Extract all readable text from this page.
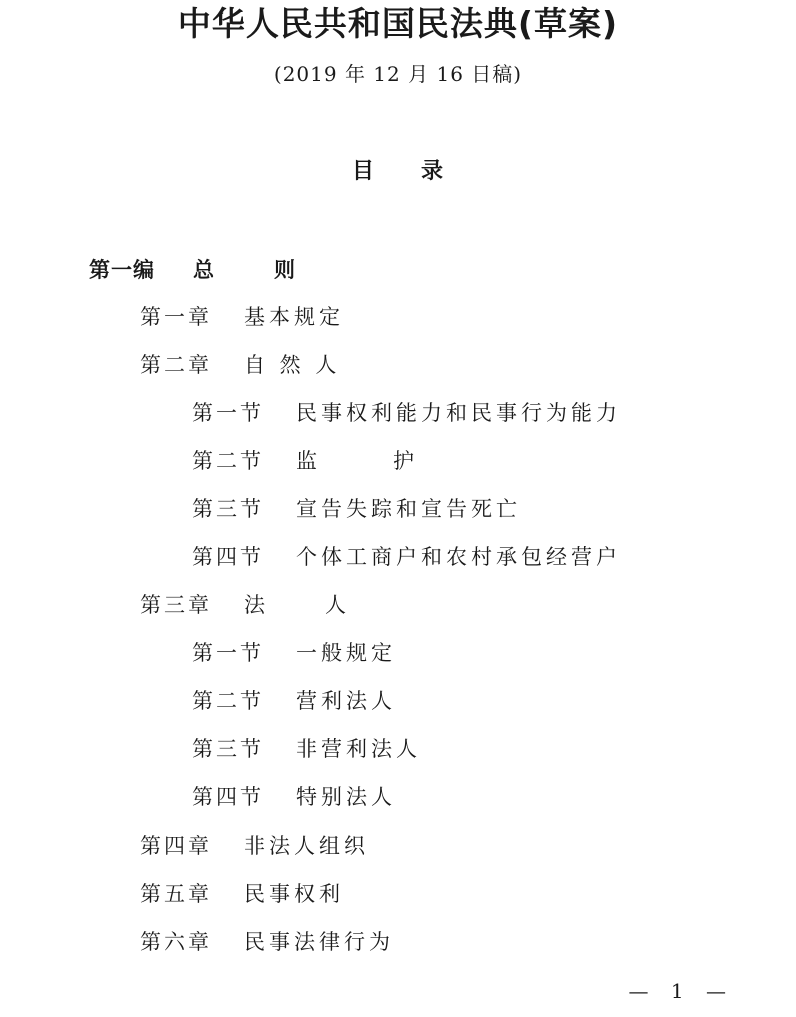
中华人民共和国民法典(草案)
(2019 年 12 月 16 日稿)
目 录
第一编	总	则
第一章	基本规定
第二章	自 然 人
第一节	民事权利能力和民事行为能力
第二节	监	护
第三节	宣告失踪和宣告死亡
第四节	个体工商户和农村承包经营户
第三章	法	人
第一节	一般规定
第二节	营利法人
第三节	非营利法人
第四节	特别法人
第四章	非法人组织
第五章	民事权利
第六章	民事法律行为
— 1 —
